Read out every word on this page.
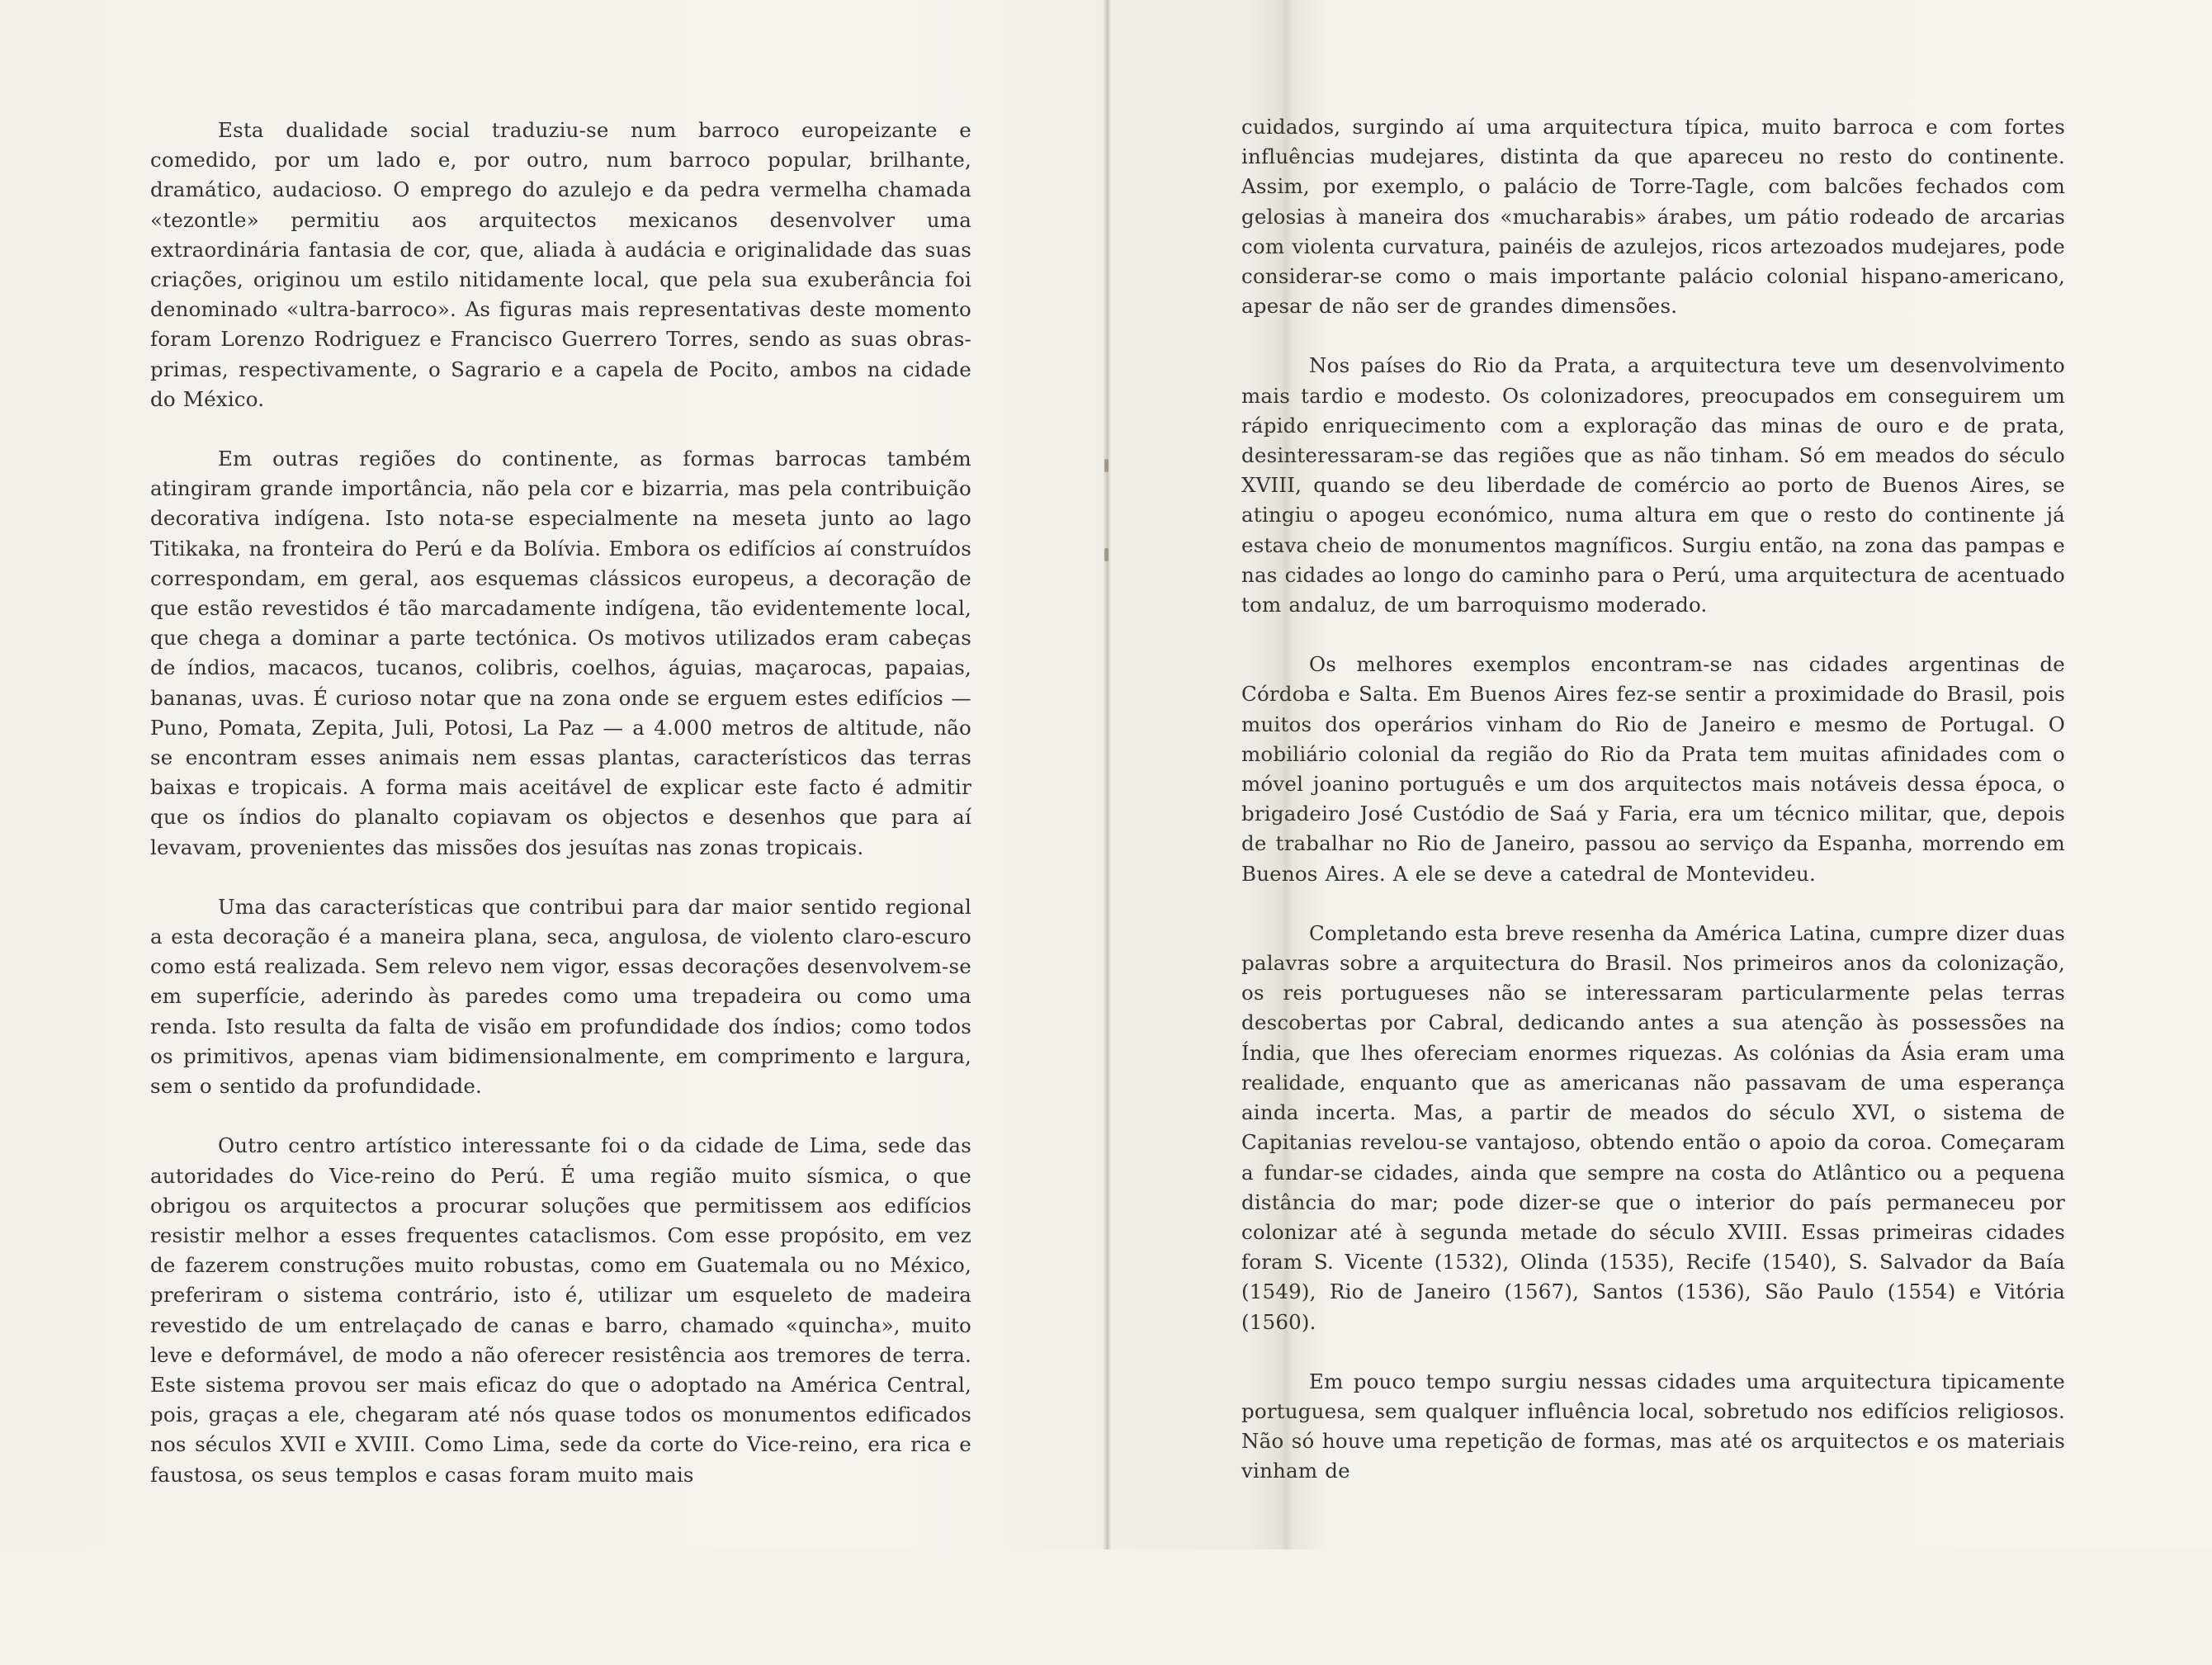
Esta dualidade social traduziu-se num barroco europeizante e comedido, por um lado e, por outro, num barroco popular, brilhante, dramático, audacioso. O emprego do azulejo e da pedra vermelha chamada «tezontle» permitiu aos arquitectos mexicanos desenvolver uma extraordinária fantasia de cor, que, aliada à audácia e originalidade das suas criações, originou um estilo nitidamente local, que pela sua exuberância foi denominado «ultra-barroco». As figuras mais representativas deste momento foram Lorenzo Rodriguez e Francisco Guerrero Torres, sendo as suas obras-primas, respectivamente, o Sagrario e a capela de Pocito, ambos na cidade do México.

Em outras regiões do continente, as formas barrocas também atingiram grande importância, não pela cor e bizarria, mas pela contribuição decorativa indígena. Isto nota-se especialmente na meseta junto ao lago Titikaka, na fronteira do Perú e da Bolívia. Embora os edifícios aí construídos correspondam, em geral, aos esquemas clássicos europeus, a decoração de que estão revestidos é tão marcadamente indígena, tão evidentemente local, que chega a dominar a parte tectónica. Os motivos utilizados eram cabeças de índios, macacos, tucanos, colibris, coelhos, águias, maçarocas, papaias, bananas, uvas. É curioso notar que na zona onde se erguem estes edifícios — Puno, Pomata, Zepita, Juli, Potosi, La Paz — a 4.000 metros de altitude, não se encontram esses animais nem essas plantas, característicos das terras baixas e tropicais. A forma mais aceitável de explicar este facto é admitir que os índios do planalto copiavam os objectos e desenhos que para aí levavam, provenientes das missões dos jesuítas nas zonas tropicais.

Uma das características que contribui para dar maior sentido regional a esta decoração é a maneira plana, seca, angulosa, de violento claro-escuro como está realizada. Sem relevo nem vigor, essas decorações desenvolvem-se em superfície, aderindo às paredes como uma trepadeira ou como uma renda. Isto resulta da falta de visão em profundidade dos índios; como todos os primitivos, apenas viam bidimensionalmente, em comprimento e largura, sem o sentido da profundidade.

Outro centro artístico interessante foi o da cidade de Lima, sede das autoridades do Vice-reino do Perú. É uma região muito sísmica, o que obrigou os arquitectos a procurar soluções que permitissem aos edifícios resistir melhor a esses frequentes cataclismos. Com esse propósito, em vez de fazerem construções muito robustas, como em Guatemala ou no México, preferiram o sistema contrário, isto é, utilizar um esqueleto de madeira revestido de um entrelaçado de canas e barro, chamado «quincha», muito leve e deformável, de modo a não oferecer resistência aos tremores de terra. Este sistema provou ser mais eficaz do que o adoptado na América Central, pois, graças a ele, chegaram até nós quase todos os monumentos edificados nos séculos XVII e XVIII. Como Lima, sede da corte do Vice-reino, era rica e faustosa, os seus templos e casas foram muito mais

cuidados, surgindo aí uma arquitectura típica, muito barroca e com fortes influências mudejares, distinta da que apareceu no resto do continente. Assim, por exemplo, o palácio de Torre-Tagle, com balcões fechados com gelosias à maneira dos «mucharabis» árabes, um pátio rodeado de arcarias com violenta curvatura, painéis de azulejos, ricos artezoados mudejares, pode considerar-se como o mais importante palácio colonial hispano-americano, apesar de não ser de grandes dimensões.

Nos países do Rio da Prata, a arquitectura teve um desenvolvimento mais tardio e modesto. Os colonizadores, preocupados em conseguirem um rápido enriquecimento com a exploração das minas de ouro e de prata, desinteressaram-se das regiões que as não tinham. Só em meados do século XVIII, quando se deu liberdade de comércio ao porto de Buenos Aires, se atingiu o apogeu económico, numa altura em que o resto do continente já estava cheio de monumentos magníficos. Surgiu então, na zona das pampas e nas cidades ao longo do caminho para o Perú, uma arquitectura de acentuado tom andaluz, de um barroquismo moderado.

Os melhores exemplos encontram-se nas cidades argentinas de Córdoba e Salta. Em Buenos Aires fez-se sentir a proximidade do Brasil, pois muitos dos operários vinham do Rio de Janeiro e mesmo de Portugal. O mobiliário colonial da região do Rio da Prata tem muitas afinidades com o móvel joanino português e um dos arquitectos mais notáveis dessa época, o brigadeiro José Custódio de Saá y Faria, era um técnico militar, que, depois de trabalhar no Rio de Janeiro, passou ao serviço da Espanha, morrendo em Buenos Aires. A ele se deve a catedral de Montevideu.

Completando esta breve resenha da América Latina, cumpre dizer duas palavras sobre a arquitectura do Brasil. Nos primeiros anos da colonização, os reis portugueses não se interessaram particularmente pelas terras descobertas por Cabral, dedicando antes a sua atenção às possessões na Índia, que lhes ofereciam enormes riquezas. As colónias da Ásia eram uma realidade, enquanto que as americanas não passavam de uma esperança ainda incerta. Mas, a partir de meados do século XVI, o sistema de Capitanias revelou-se vantajoso, obtendo então o apoio da coroa. Começaram a fundar-se cidades, ainda que sempre na costa do Atlântico ou a pequena distância do mar; pode dizer-se que o interior do país permaneceu por colonizar até à segunda metade do século XVIII. Essas primeiras cidades foram S. Vicente (1532), Olinda (1535), Recife (1540), S. Salvador da Baía (1549), Rio de Janeiro (1567), Santos (1536), São Paulo (1554) e Vitória (1560).

Em pouco tempo surgiu nessas cidades uma arquitectura tipicamente portuguesa, sem qualquer influência local, sobretudo nos edifícios religiosos. Não só houve uma repetição de formas, mas até os arquitectos e os materiais vinham de
